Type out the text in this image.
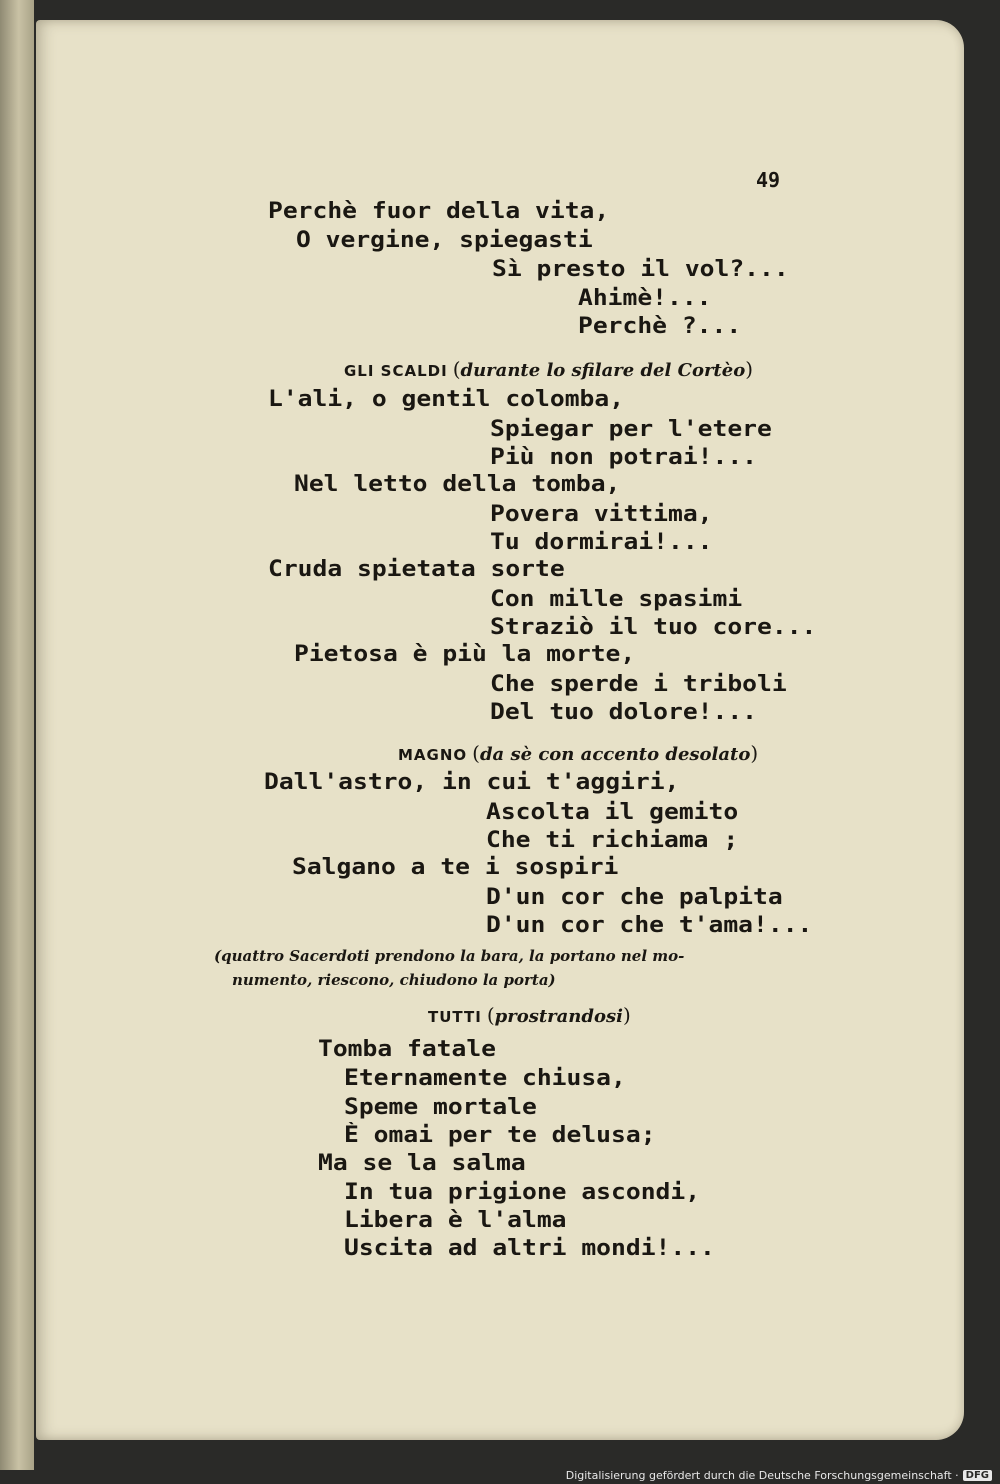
49
Perchè fuor della vita,
O vergine, spiegasti
Sì presto il vol?...
Ahimè!...
Perchè ?...
GLI SCALDI (durante lo sfilare del Cortèo)
L'ali, o gentil colomba,
Spiegar per l'etere
Più non potrai!...
Nel letto della tomba,
Povera vittima,
Tu dormirai!...
Cruda spietata sorte
Con mille spasimi
Straziò il tuo core...
Pietosa è più la morte,
Che sperde i triboli
Del tuo dolore!...
MAGNO (da sè con accento desolato)
Dall'astro, in cui t'aggiri,
Ascolta il gemito
Che ti richiama ;
Salgano a te i sospiri
D'un cor che palpita
D'un cor che t'ama!...
(quattro Sacerdoti prendono la bara, la portano nel mo-
numento, riescono, chiudono la porta)
TUTTI (prostrandosi)
Tomba fatale
Eternamente chiusa,
Speme mortale
È omai per te delusa;
Ma se la salma
In tua prigione ascondi,
Libera è l'alma
Uscita ad altri mondi!...
Digitalisierung gefördert durch die Deutsche Forschungsgemeinschaft · DFG
